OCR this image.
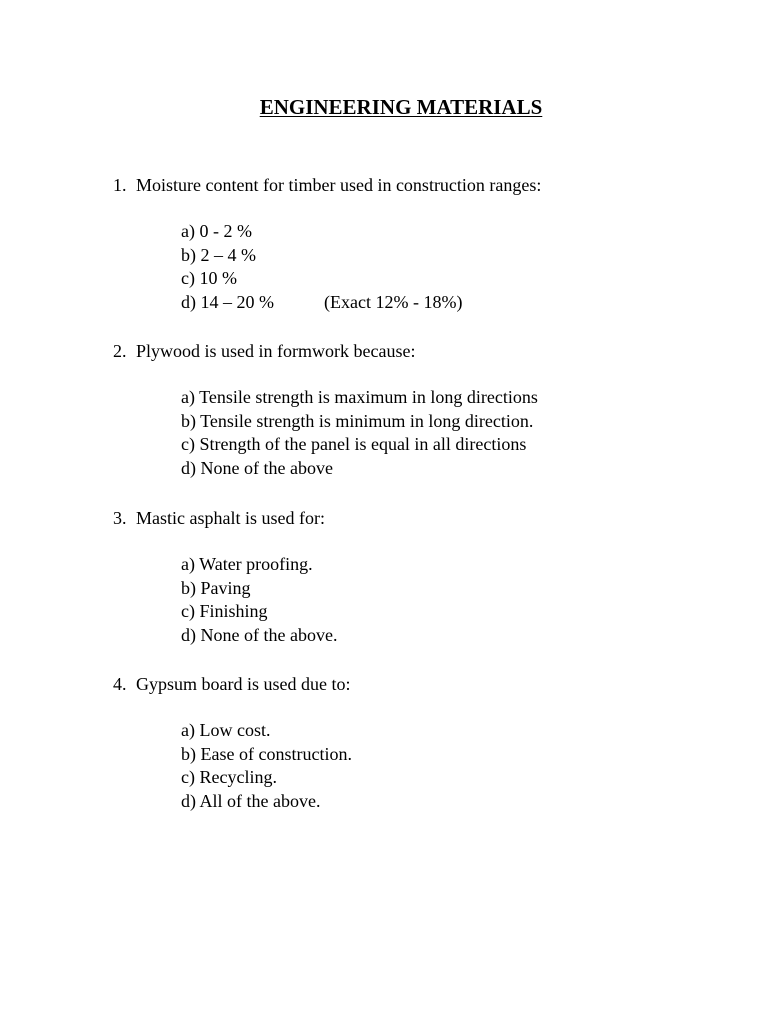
ENGINEERING MATERIALS
1. Moisture content for timber used in construction ranges:
a) 0 - 2 %
b) 2 – 4 %
c) 10 %
d) 14 – 20 %	(Exact 12% - 18%)
2. Plywood is used in formwork because:
a) Tensile strength is maximum in long directions
b) Tensile strength is minimum in long direction.
c) Strength of the panel is equal in all directions
d) None of the above
3. Mastic asphalt is used for:
a) Water proofing.
b) Paving
c) Finishing
d) None of the above.
4. Gypsum board is used due to:
a) Low cost.
b) Ease of construction.
c) Recycling.
d) All of the above.
